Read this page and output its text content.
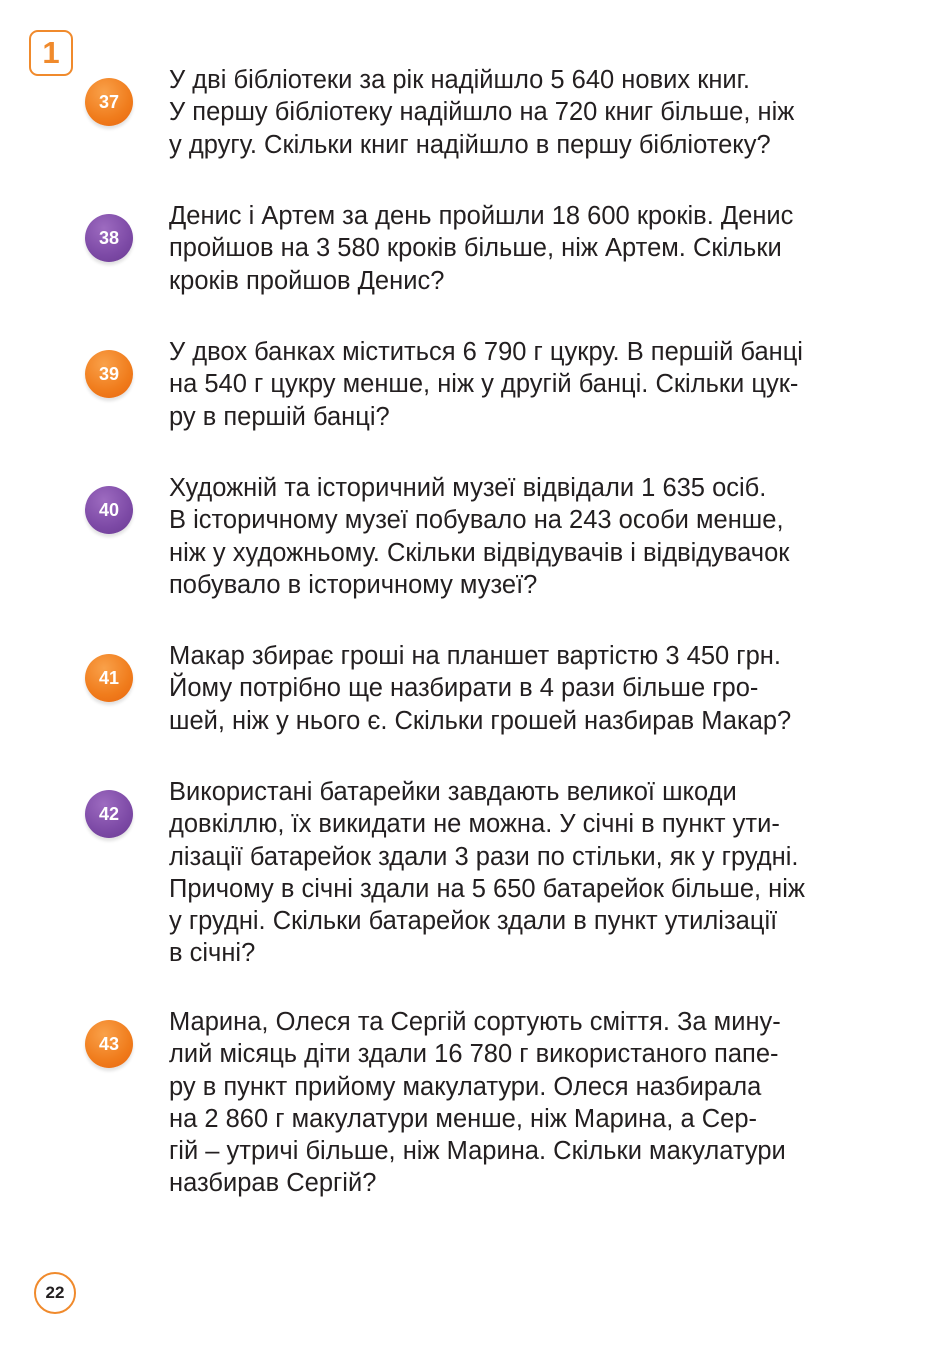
1
37

У дві бібліотеки за рік надійшло 5 640 нових книг.
У першу бібліотеку надійшло на 720 книг більше, ніж
у другу. Скільки книг надійшло в першу бібліотеку?

38

Денис і Артем за день пройшли 18 600 кроків. Денис
пройшов на 3 580 кроків більше, ніж Артем. Скільки
кроків пройшов Денис?

39

У двох банках міститься 6 790 г цукру. В першій банці
на 540 г цукру менше, ніж у другій банці. Скільки цук-
ру в першій банці?

40

Художній та історичний музеї відвідали 1 635 осіб.
В історичному музеї побувало на 243 особи менше,
ніж у художньому. Скільки відвідувачів і відвідувачок
побувало в історичному музеї?

41

Макар збирає гроші на планшет вартістю 3 450 грн.
Йому потрібно ще назбирати в 4 рази більше гро-
шей, ніж у нього є. Скільки грошей назбирав Макар?

42

Використані батарейки завдають великої шкоди
довкіллю, їх викидати не можна. У січні в пункт ути-
лізації батарейок здали 3 рази по стільки, як у грудні.
Причому в січні здали на 5 650 батарейок більше, ніж
у грудні. Скільки батарейок здали в пункт утилізації
в січні?

43

Марина, Олеся та Сергій сортують сміття. За мину-
лий місяць діти здали 16 780 г використаного папе-
ру в пункт прийому макулатури. Олеся назбирала
на 2 860 г макулатури менше, ніж Марина, а Сер-
гій – утричі більше, ніж Марина. Скільки макулатури
назбирав Сергій?

22
